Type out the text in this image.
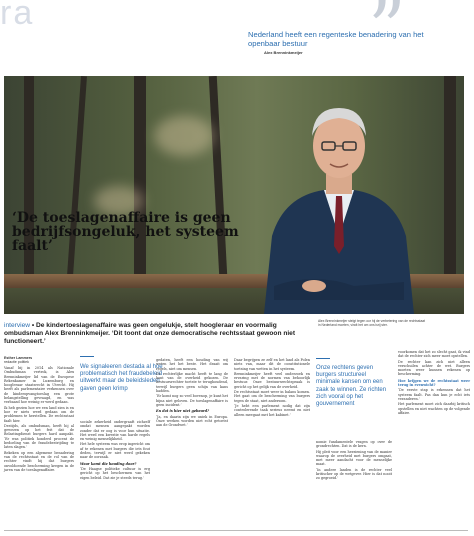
ra	”
Nederland heeft een regenteske benadering van het openbaar bestuur
Alex Brenninkmeijer
‘De toeslagenaffaire is geen bedrijfsongeluk, het systeem faalt’
Alex Brenninkmeijer stelgt tegen oor hij de verbetering van de rechtsstaat in Nederland moeten, vindt het om ons bzij ster.
interview • De kindertoeslagenaffaire was geen ongelukje, stelt hoogleraar en voormalig ombudsman Alex Brenninkmeijer. ‘Dit toont dat onze democratische rechtsstaat gewoon niet functioneert.’
Esther Lammers
redactie politiek

Vanaf bij in 2014 als Nationale Ombudsman vertrok, is Alex Brenninkmeijer lid van de Europese Rekenkamer in Luxemburg en hoogleraar staatsrecht in Utrecht. Hij heeft als parlementaire verkennen over de kinderopvangtoeslag een grote belangstelling gevraagd, en was verbaasd hoe weinig er werd gedaan.

Ik heb gezien hoe we een land zien is en hoe er niets werd gedaan om de problemen te herstellen. De rechtsstaat faalt hier.

Destijds, als ombudsman, heeft hij al gewezen op het feit dat de Belastingdienst burgers hard aanpakt. ‘Er was politiek honderd procent de bedoeling van de fraudebestrijding te laten slagen.’

Bekeken op een algemene benadering van de rechtsstaat en de rol van de rechter vindt hij dat burgers onvoldoende bescherming kregen in de jaren van de toeslagenaffaire.

We signaleeren destada al hoe problematisch het fraudebeleid uitwerkt maar de beleidsleden gaven geen krimp

sociale zekerheid ondergraaft zichzelf omdat mensen aangepakt worden zonder dat er oog is voor hun situatie. Het werd een kwestie van harde regels en weinig menselijkheid.

Het hele systeem was erop ingericht om af te rekenen met burgers die iets fout deden, terwijl er niet werd gekeken naar de oorzaak.

Waar komt die houding door?

‘De Haagse politieke cultuur is erg gericht op het beschermen van het eigen beleid. Dat zie je steeds terug.’

gedaten, heeft een houding van wij weten het het beste. Het draait om regels, niet om mensen.

De rechterlijke macht heeft te lang de kant van de overheid gekozen. De bestuursrechter toetste te terughoudend, terwijl burgers geen schijn van kans hadden.

‘Er komt nog zo veel bovenop, je kunt het bijna niet geloven. De toeslagenaffaire is geen incident.’

En dat is hier niet gebeurd?

‘Ja, en daarin zijn we uniek in Europa. Onze werken worden niet echt getoetst aan de Grondwet.’

Daar begrijpen ze zelf en het land als Polen niets van, maar dit de constitutionele toetsing van wetten in het systeem.

Brenninkmeijer heeft veel onderzoek en ervaring met de normen van behoorlijk bestuur. Onze bestuursrechtspraak is gericht op het gelijk van de overheid.

De rechtsstaat moet weer in balans komen. Het gaat om de bescherming van burgers tegen de staat, niet andersom.

‘Je hebt een parlement nodig dat zijn controlerende taak serieus neemt en niet alleen meegaat met het kabinet.’

Onze rechtens geven burgers structureel minimale kansen om een zaak te winnen. Ze richten zich vooral op het gouvernement

nomie fundamentele vragen op over de grondrechten. Dat is de kern.

Hij pleit voor een herziening van de manier waarop de overheid met burgers omgaat, met meer aandacht voor de menselijke maat.

‘In andere landen is de rechter veel kritischer op de wetgever. Hier is dat nooit zo gegroeid.’

voorkomen dat het zo slecht gaat, ik vind dat de rechter zich meer moet opstellen.

De rechter kan zich niet alleen verschuilen achter de wet. Burgers moeten weer kunnen rekenen op bescherming.

Hoe krijgen we de rechtsstaat weer terug in evenwicht?

‘De eerste stap is erkennen dat het systeem faalt. Pas dan kun je echt iets veranderen.’

Het parlement moet zich daarbij kritisch opstellen en niet wachten op de volgende affaire.
